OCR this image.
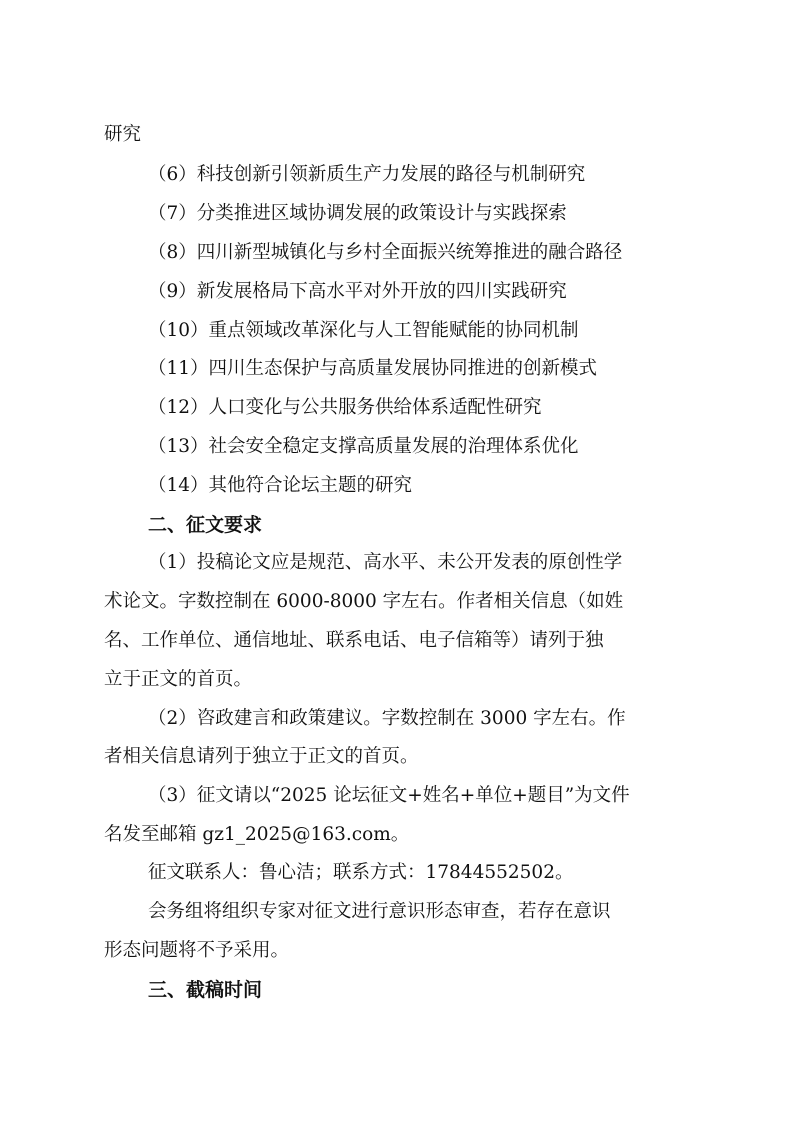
研究
（6）科技创新引领新质生产力发展的路径与机制研究
（7）分类推进区域协调发展的政策设计与实践探索
（8）四川新型城镇化与乡村全面振兴统筹推进的融合路径
（9）新发展格局下高水平对外开放的四川实践研究
（10）重点领域改革深化与人工智能赋能的协同机制
（11）四川生态保护与高质量发展协同推进的创新模式
（12）人口变化与公共服务供给体系适配性研究
（13）社会安全稳定支撑高质量发展的治理体系优化
（14）其他符合论坛主题的研究
二、征文要求
（1）投稿论文应是规范、高水平、未公开发表的原创性学
术论文。字数控制在 6000-8000 字左右。作者相关信息（如姓
名、工作单位、通信地址、联系电话、电子信箱等）请列于独
立于正文的首页。
（2）咨政建言和政策建议。字数控制在 3000 字左右。作
者相关信息请列于独立于正文的首页。
（3）征文请以“2025 论坛征文+姓名+单位+题目”为文件
名发至邮箱 gz1_2025@163.com。
征文联系人：鲁心洁；联系方式：17844552502。
会务组将组织专家对征文进行意识形态审查，若存在意识
形态问题将不予采用。
三、截稿时间
